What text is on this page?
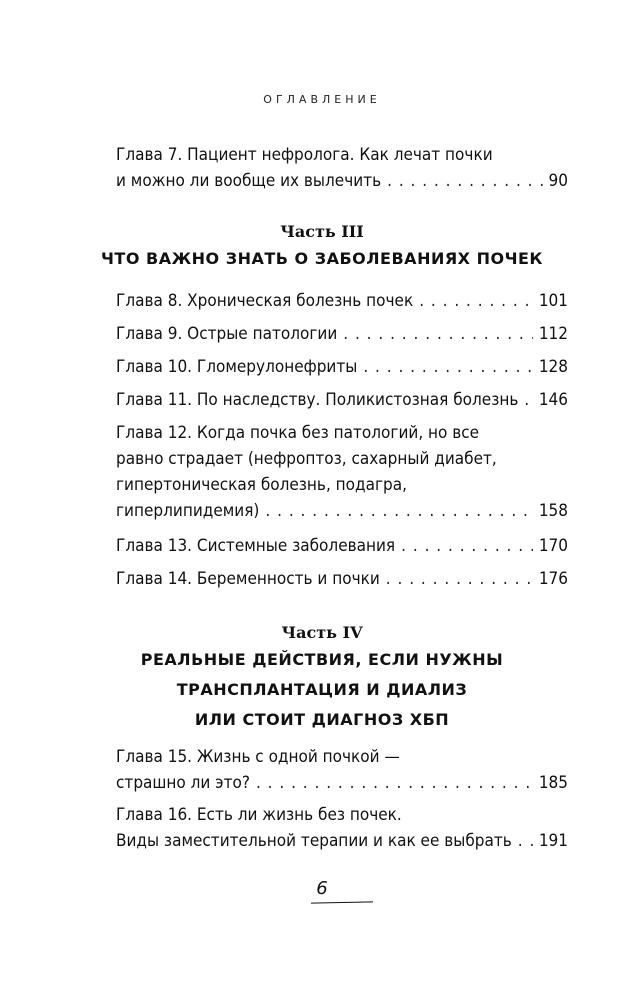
ОГЛАВЛЕНИЕ
Глава 7. Пациент нефролога. Как лечат почки
и можно ли вообще их вылечить . . .	90
Часть III
ЧТО ВАЖНО ЗНАТЬ О ЗАБОЛЕВАНИЯХ ПОЧЕК
Глава 8. Хроническая болезнь почек . . .	101
Глава 9. Острые патологии . . .	112
Глава 10. Гломерулонефриты . . .	128
Глава 11. По наследству. Поликистозная болезнь . . . 146
Глава 12. Когда почка без патологий, но все
равно страдает (нефроптоз, сахарный диабет,
гипертоническая болезнь, подагра,
гиперлипидемия) . . .	158
Глава 13. Системные заболевания . . .	170
Глава 14. Беременность и почки . . .	176
Часть IV
РЕАЛЬНЫЕ ДЕЙСТВИЯ, ЕСЛИ НУЖНЫ
ТРАНСПЛАНТАЦИЯ И ДИАЛИЗ
ИЛИ СТОИТ ДИАГНОЗ ХБП
Глава 15. Жизнь с одной почкой —
страшно ли это? . . .	185
Глава 16. Есть ли жизнь без почек.
Виды заместительной терапии и как ее выбрать . . . 191
6
